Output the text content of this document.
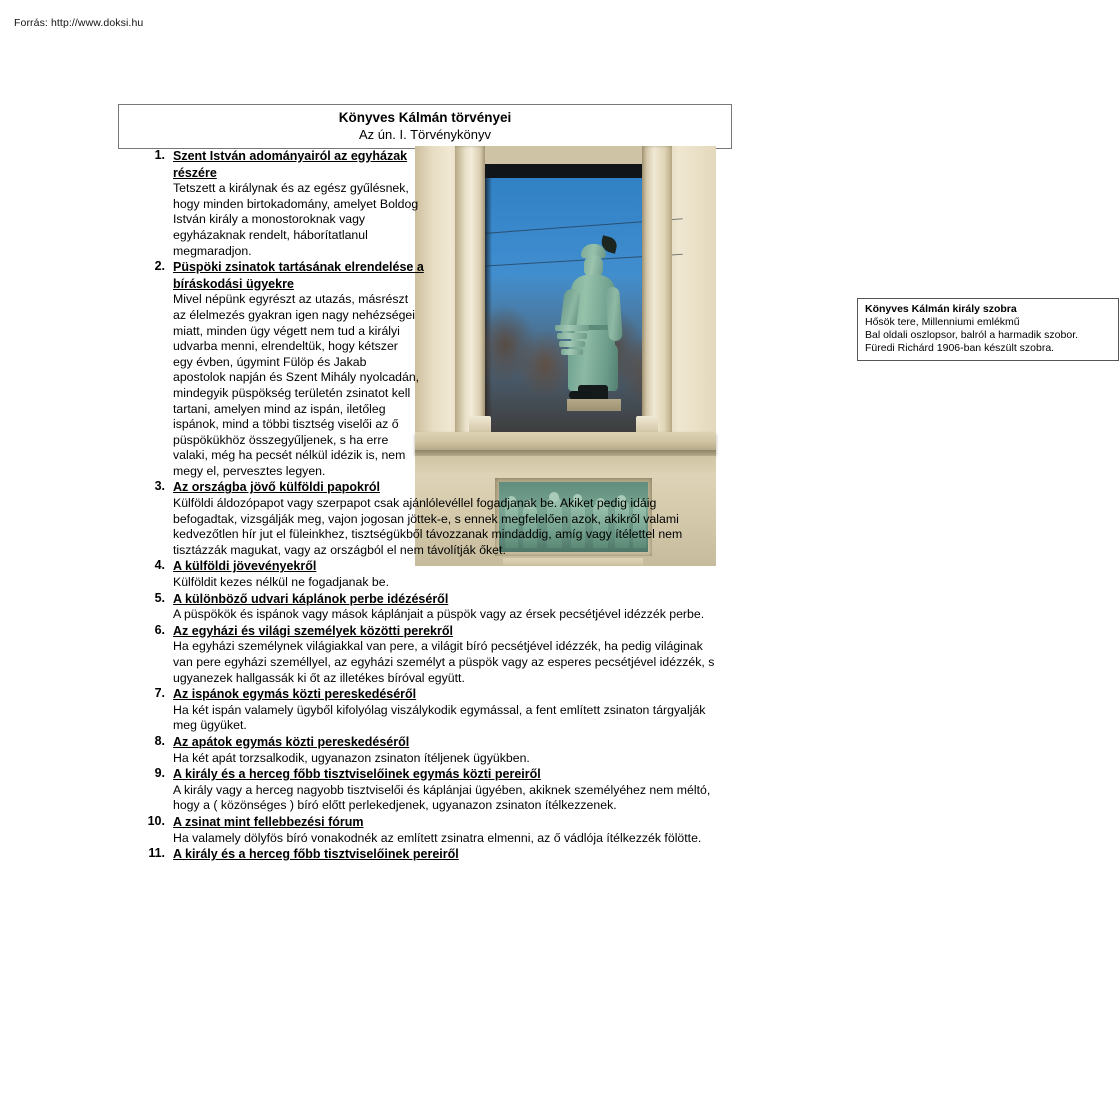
Forrás: http://www.doksi.hu
Könyves Kálmán törvényei
Az ún. I. Törvénykönyv
Könyves Kálmán király szobra
Hősök tere, Millenniumi emlékmű
Bal oldali oszlopsor, balról a harmadik szobor.
Füredi Richárd 1906-ban készült szobra.
1. Szent István adományairól az egyházak részére
Tetszett a királynak és az egész gyűlésnek, hogy minden birtokadomány, amelyet Boldog István király a monostoroknak vagy egyházaknak rendelt, háborítatlanul megmaradjon.
2. Püspöki zsinatok tartásának elrendelése a bíráskodási ügyekre
Mivel népünk egyrészt az utazás, másrészt az élelmezés gyakran igen nagy nehézségei miatt, minden ügy végett nem tud a királyi udvarba menni, elrendeltük, hogy kétszer egy évben, úgymint Fülöp és Jakab apostolok napján és Szent Mihály nyolcadán, mindegyik püspökség területén zsinatot kell tartani, amelyen mind az ispán, iletőleg ispánok, mind a többi tisztség viselői az ő püspökükhöz összegyűljenek, s ha erre valaki, még ha pecsét nélkül idézik is, nem megy el, pervesztes legyen.
3. Az országba jövő külföldi papokról
Külföldi áldozópapot vagy szerpapot csak ajánlólevéllel fogadjanak be. Akiket pedig idáig befogadtak, vizsgálják meg, vajon jogosan jöttek-e, s ennek megfelelően azok, akikről valami kedvezőtlen hír jut el füleinkhez, tisztségükből távozzanak mindaddig, amíg vagy ítélettel nem tisztázzák magukat, vagy az országból el nem távolítják őket.
4. A külföldi jövevényekről
Külföldit kezes nélkül ne fogadjanak be.
5. A különböző udvari káplánok perbe idézéséről
A püspökök és ispánok vagy mások káplánjait a püspök vagy az érsek pecsétjével idézzék perbe.
6. Az egyházi és világi személyek közötti perekről
Ha egyházi személynek világiakkal van pere, a világit bíró pecsétjével idézzék, ha pedig világinak van pere egyházi személlyel, az egyházi személyt a püspök vagy az esperes pecsétjével idézzék, s ugyanezek hallgassák ki őt az illetékes bíróval együtt.
7. Az ispánok egymás közti pereskedéséről
Ha két ispán valamely ügyből kifolyólag viszálykodik egymással, a fent említett zsinaton tárgyalják meg ügyüket.
8. Az apátok egymás közti pereskedéséről
Ha két apát torzsalkodik, ugyanazon zsinaton ítéljenek ügyükben.
9. A király és a herceg főbb tisztviselőinek egymás közti pereiről
A király vagy a herceg nagyobb tisztviselői és káplánjai ügyében, akiknek személyéhez nem méltó, hogy a ( közönséges ) bíró előtt perlekedjenek, ugyanazon zsinaton ítélkezzenek.
10. A zsinat mint fellebbezési fórum
Ha valamely dölyfös bíró vonakodnék az említett zsinatra elmenni, az ő vádlója ítélkezzék fölötte.
11. A király és a herceg főbb tisztviselőinek pereiről
